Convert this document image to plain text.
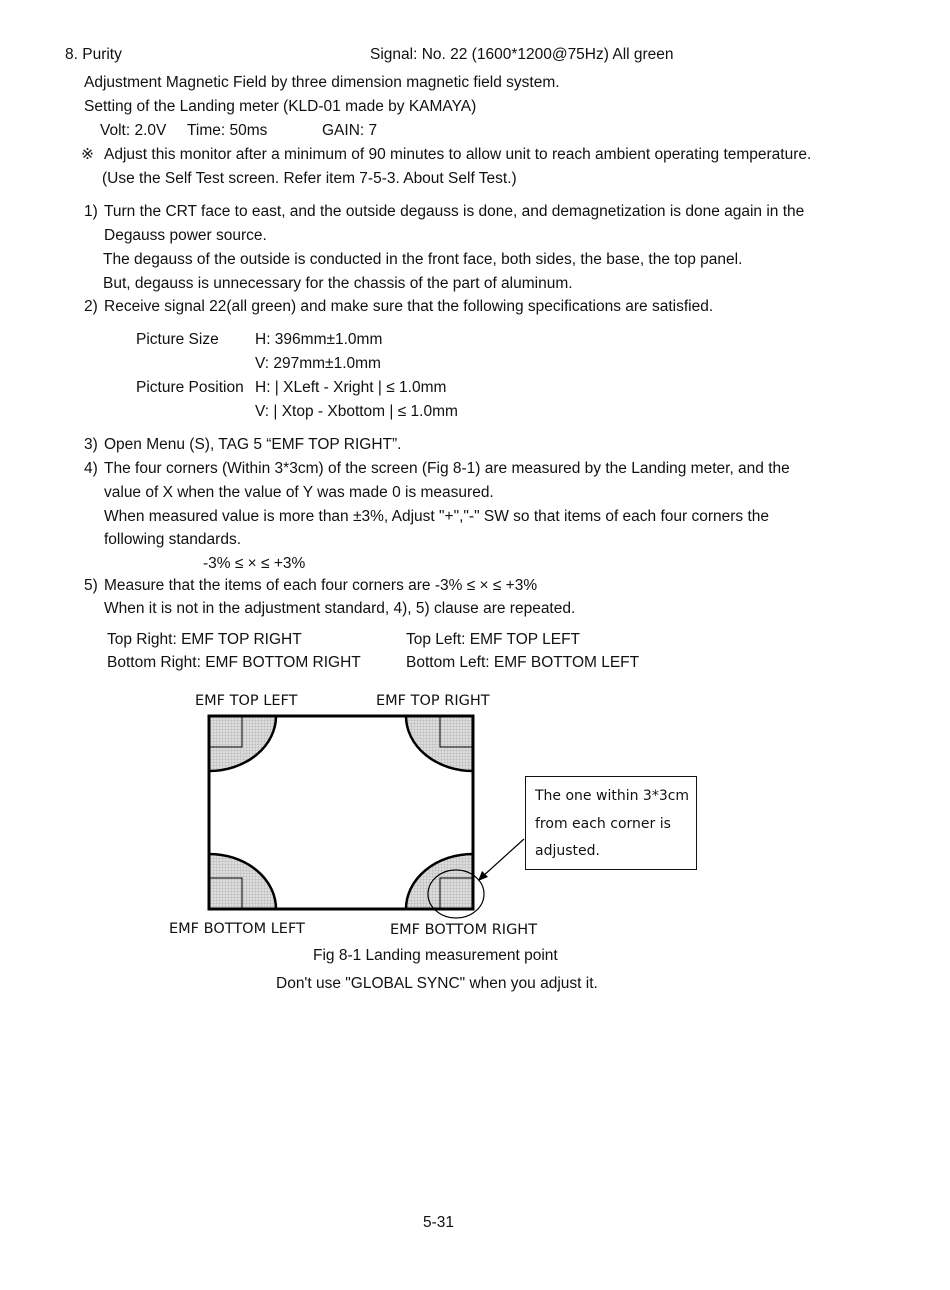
8. Purity	Signal: No. 22 (1600*1200@75Hz) All green
Adjustment Magnetic Field by three dimension magnetic field system.
Setting of the Landing meter (KLD-01 made by KAMAYA)
Volt: 2.0V Time: 50ms	GAIN: 7
※ Adjust this monitor after a minimum of 90 minutes to allow unit to reach ambient operating temperature.
(Use the Self Test screen. Refer item 7-5-3. About Self Test.)
1) Turn the CRT face to east, and the outside degauss is done, and demagnetization is done again in the
Degauss power source.
The degauss of the outside is conducted in the front face, both sides, the base, the top panel.
But, degauss is unnecessary for the chassis of the part of aluminum.
2) Receive signal 22(all green) and make sure that the following specifications are satisfied.
Picture Size H: 396mm±1.0mm
V: 297mm±1.0mm
Picture Position H: | XLeft - Xright | ≤ 1.0mm
V: | Xtop - Xbottom | ≤ 1.0mm
3) Open Menu (S), TAG 5 “EMF TOP RIGHT”.
4) The four corners (Within 3*3cm) of the screen (Fig 8-1) are measured by the Landing meter, and the
value of X when the value of Y was made 0 is measured.
When measured value is more than ±3%, Adjust "+","-" SW so that items of each four corners the
following standards.
-3% ≤ × ≤ +3%
5) Measure that the items of each four corners are -3% ≤ × ≤ +3%
When it is not in the adjustment standard, 4), 5) clause are repeated.
Top Right: EMF TOP RIGHT	Top Left: EMF TOP LEFT
Bottom Right: EMF BOTTOM RIGHT	Bottom Left: EMF BOTTOM LEFT
EMF TOP LEFT	EMF TOP RIGHT
EMF BOTTOM LEFT	EMF BOTTOM RIGHT
The one within 3*3cm
from each corner is
adjusted.
Fig 8-1 Landing measurement point
Don't use "GLOBAL SYNC" when you adjust it.
5-31
